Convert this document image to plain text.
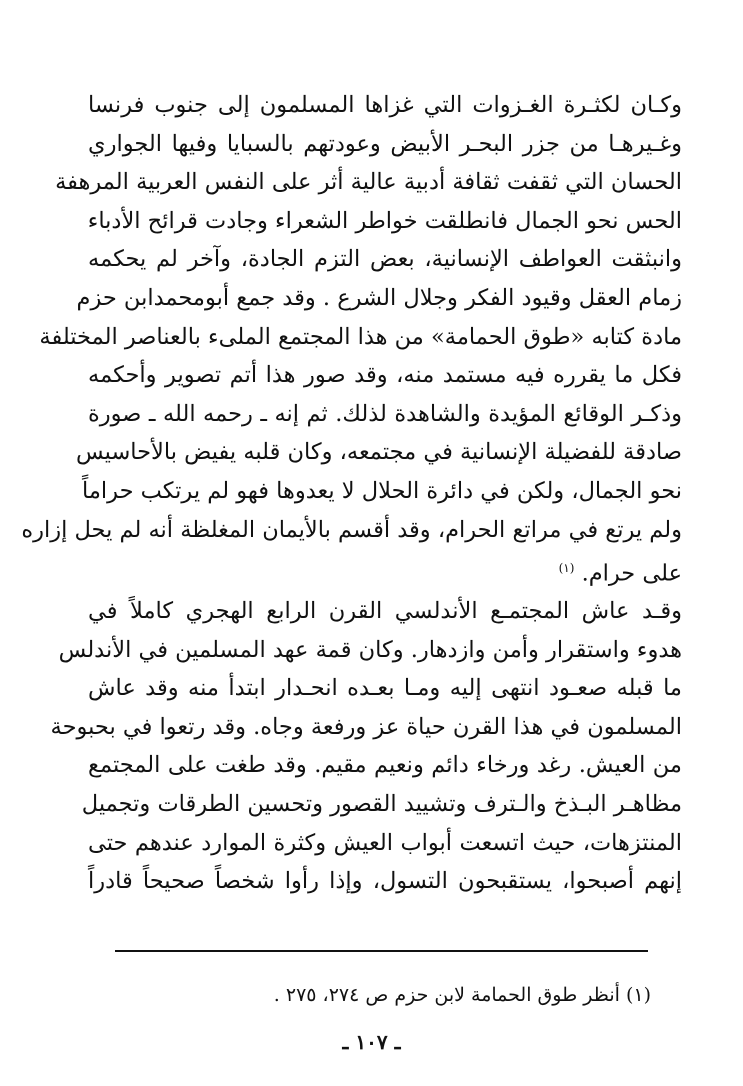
وكـان لكثـرة الغـزوات التي غزاها المسلمون إلى جنوب فرنسا
وغـيرهـا من جزر البحـر الأبيض وعودتهم بالسبايا وفيها الجواري
الحسان التي ثقفت ثقافة أدبية عالية أثر على النفس العربية المرهفة
الحس نحو الجمال فانطلقت خواطر الشعراء وجادت قرائح الأدباء
وانبثقت العواطف الإنسانية، بعض التزم الجادة، وآخر لم يحكمه
زمام العقل وقيود الفكر وجلال الشرع . وقد جمع أبومحمدابن حزم
مادة كتابه «طوق الحمامة» من هذا المجتمع الملىء بالعناصر المختلفة
فكل ما يقرره فيه مستمد منه، وقد صور هذا أتم تصوير وأحكمه
وذكـر الوقائع المؤيدة والشاهدة لذلك. ثم إنه ـ رحمه الله ـ صورة
صادقة للفضيلة الإنسانية في مجتمعه، وكان قلبه يفيض بالأحاسيس
نحو الجمال، ولكن في دائرة الحلال لا يعدوها فهو لم يرتكب حراماً
ولم يرتع في مراتع الحرام، وقد أقسم بالأيمان المغلظة أنه لم يحل إزاره
على حرام. $^{(١)}$
وقـد عاش المجتمـع الأندلسي القرن الرابع الهجري كاملاً في
هدوء واستقرار وأمن وازدهار. وكان قمة عهد المسلمين في الأندلس
ما قبله صعـود انتهى إليه ومـا بعـده انحـدار ابتدأ منه وقد عاش
المسلمون في هذا القرن حياة عز ورفعة وجاه. وقد رتعوا في بحبوحة
من العيش. رغد ورخاء دائم ونعيم مقيم. وقد طغت على المجتمع
مظاهـر البـذخ والـترف وتشييد القصور وتحسين الطرقات وتجميل
المنتزهات، حيث اتسعت أبواب العيش وكثرة الموارد عندهم حتى
إنهم أصبحوا، يستقبحون التسول، وإذا رأوا شخصاً صحيحاً قادراً
(١) أنظر طوق الحمامة لابن حزم ص ٢٧٤، ٢٧٥ .
ـ ١٠٧ ـ
